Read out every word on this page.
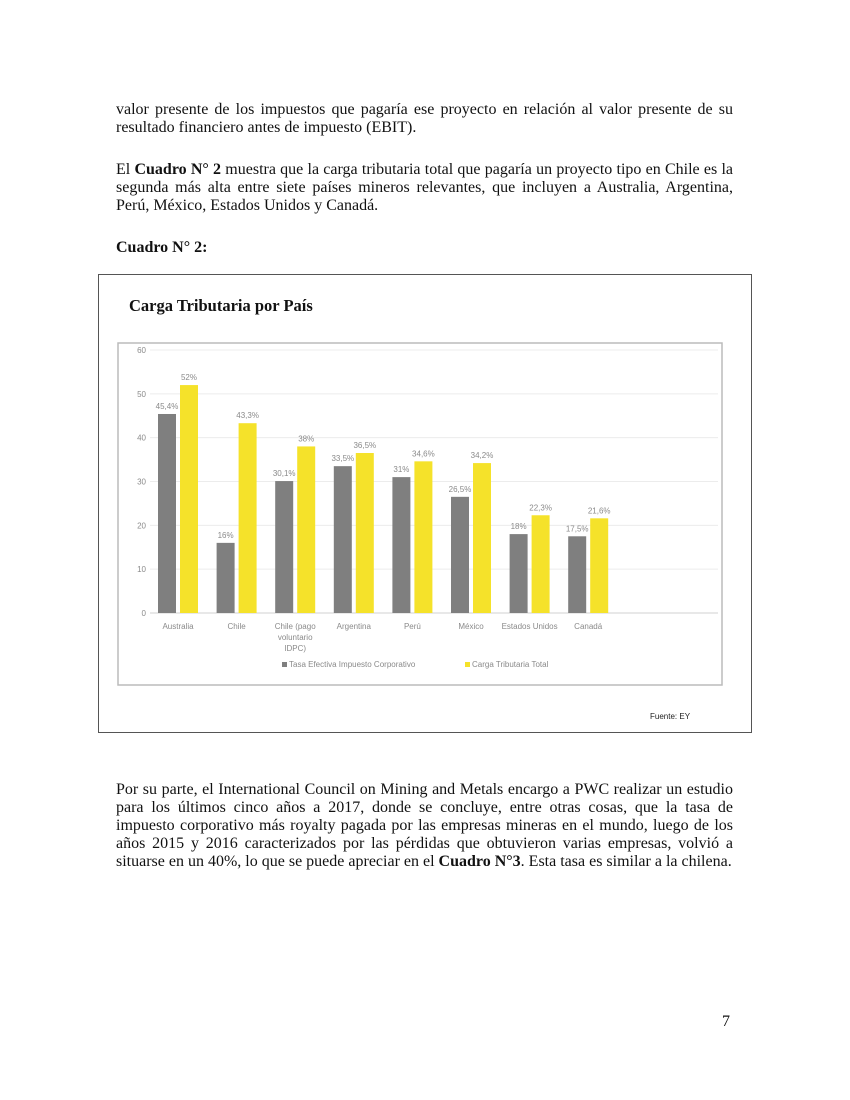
valor presente de los impuestos que pagaría ese proyecto en relación al valor presente de su resultado financiero antes de impuesto (EBIT).
El Cuadro N° 2 muestra que la carga tributaria total que pagaría un proyecto tipo en Chile es la segunda más alta entre siete países mineros relevantes, que incluyen a Australia, Argentina, Perú, México, Estados Unidos y Canadá.
Cuadro N° 2:
Carga Tributaria por País
Fuente: EY
0
10
20
30
40
50
60
45,4%
52%
Australia
16%
43,3%
Chile
30,1%
38%
Chile (pago
voluntario
IDPC)
33,5%
36,5%
Argentina
31%
34,6%
Perú
26,5%
34,2%
México
18%
22,3%
Estados Unidos
17,5%
21,6%
Canadá
Tasa Efectiva Impuesto Corporativo	Carga Tributaria Total
Por su parte, el International Council on Mining and Metals encargo a PWC realizar un estudio para los últimos cinco años a 2017, donde se concluye, entre otras cosas, que la tasa de impuesto corporativo más royalty pagada por las empresas mineras en el mundo, luego de los años 2015 y 2016 caracterizados por las pérdidas que obtuvieron varias empresas, volvió a situarse en un 40%, lo que se puede apreciar en el Cuadro N°3. Esta tasa es similar a la chilena.
7
